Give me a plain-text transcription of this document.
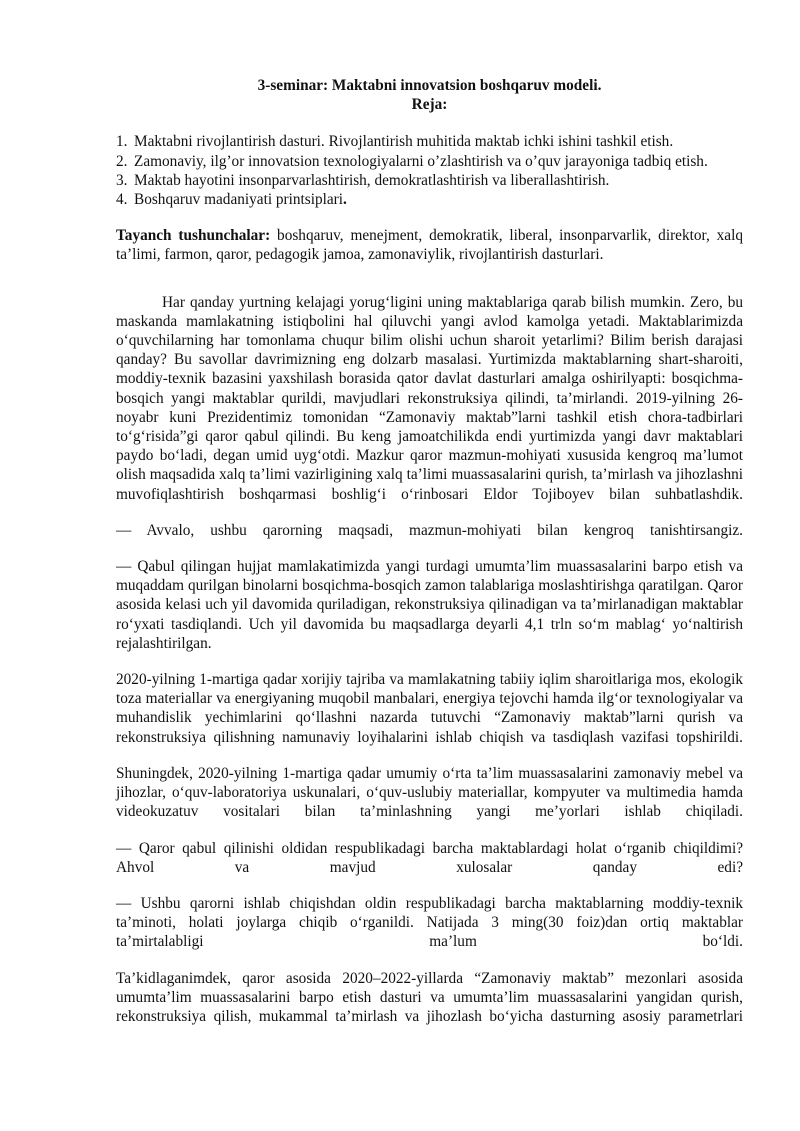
3-seminar: Maktabni innovatsion boshqaruv modeli.

Reja:

1. Maktabni rivojlantirish dasturi. Rivojlantirish muhitida maktab ichki ishini tashkil etish.
2. Zamonaviy, ilg’or innovatsion texnologiyalarni o’zlashtirish va o’quv jarayoniga tadbiq etish.
3. Maktab hayotini insonparvarlashtirish, demokratlashtirish va liberallashtirish.
4. Boshqaruv madaniyati printsiplari.

Tayanch tushunchalar: boshqaruv, menejment, demokratik, liberal, insonparvarlik, direktor, xalq ta’limi, farmon, qaror, pedagogik jamoa, zamonaviylik, rivojlantirish dasturlari.

Har qanday yurtning kelajagi yorug‘ligini uning maktablariga qarab bilish mumkin. Zero, bu maskanda mamlakatning istiqbolini hal qiluvchi yangi avlod kamolga yetadi. Maktablarimizda o‘quvchilarning har tomonlama chuqur bilim olishi uchun sharoit yetarlimi? Bilim berish darajasi qanday? Bu savollar davrimizning eng dolzarb masalasi. Yurtimizda maktablarning shart-sharoiti, moddiy-texnik bazasini yaxshilash borasida qator davlat dasturlari amalga oshirilyapti: bosqichma-bosqich yangi maktablar qurildi, mavjudlari rekonstruksiya qilindi, ta’mirlandi. 2019-yilning 26-noyabr kuni Prezidentimiz tomonidan “Zamonaviy maktab”larni tashkil etish chora-tadbirlari to‘g‘risida”gi qaror qabul qilindi. Bu keng jamoatchilikda endi yurtimizda yangi davr maktablari paydo bo‘ladi, degan umid uyg‘otdi. Mazkur qaror mazmun-mohiyati xususida kengroq ma’lumot olish maqsadida xalq ta’limi vazirligining xalq ta’limi muassasalarini qurish, ta’mirlash va jihozlashni muvofiqlashtirish boshqarmasi boshlig‘i o‘rinbosari Eldor Tojiboyev bilan suhbatlashdik.

— Avvalo, ushbu qarorning maqsadi, mazmun-mohiyati bilan kengroq tanishtirsangiz.

— Qabul qilingan hujjat mamlakatimizda yangi turdagi umumta’lim muassasalarini barpo etish va muqaddam qurilgan binolarni bosqichma-bosqich zamon talablariga moslashtirishga qaratilgan. Qaror asosida kelasi uch yil davomida quriladigan, rekonstruksiya qilinadigan va ta’mirlanadigan maktablar ro‘yxati tasdiqlandi. Uch yil davomida bu maqsadlarga deyarli 4,1 trln so‘m mablag‘ yo‘naltirish rejalashtirilgan.

2020-yilning 1-martiga qadar xorijiy tajriba va mamlakatning tabiiy iqlim sharoitlariga mos, ekologik toza materiallar va energiyaning muqobil manbalari, energiya tejovchi hamda ilg‘or texnologiyalar va muhandislik yechimlarini qo‘llashni nazarda tutuvchi “Zamonaviy maktab”larni qurish va rekonstruksiya qilishning namunaviy loyihalarini ishlab chiqish va tasdiqlash vazifasi topshirildi.

Shuningdek, 2020-yilning 1-martiga qadar umumiy o‘rta ta’lim muassasalarini zamonaviy mebel va jihozlar, o‘quv-laboratoriya uskunalari, o‘quv-uslubiy materiallar, kompyuter va multimedia hamda videokuzatuv vositalari bilan ta’minlashning yangi me’yorlari ishlab chiqiladi.

— Qaror qabul qilinishi oldidan respublikadagi barcha maktablardagi holat o‘rganib chiqildimi? Ahvol va mavjud xulosalar qanday edi?

— Ushbu qarorni ishlab chiqishdan oldin respublikadagi barcha maktablarning moddiy-texnik ta’minoti, holati joylarga chiqib o‘rganildi. Natijada 3 ming(30 foiz)dan ortiq maktablar ta’mirtalabligi ma’lum bo‘ldi.

Ta’kidlaganimdek, qaror asosida 2020–2022-yillarda “Zamonaviy maktab” mezonlari asosida umumta’lim muassasalarini barpo etish dasturi va umumta’lim muassasalarini yangidan qurish, rekonstruksiya qilish, mukammal ta’mirlash va jihozlash bo‘yicha dasturning asosiy parametrlari
